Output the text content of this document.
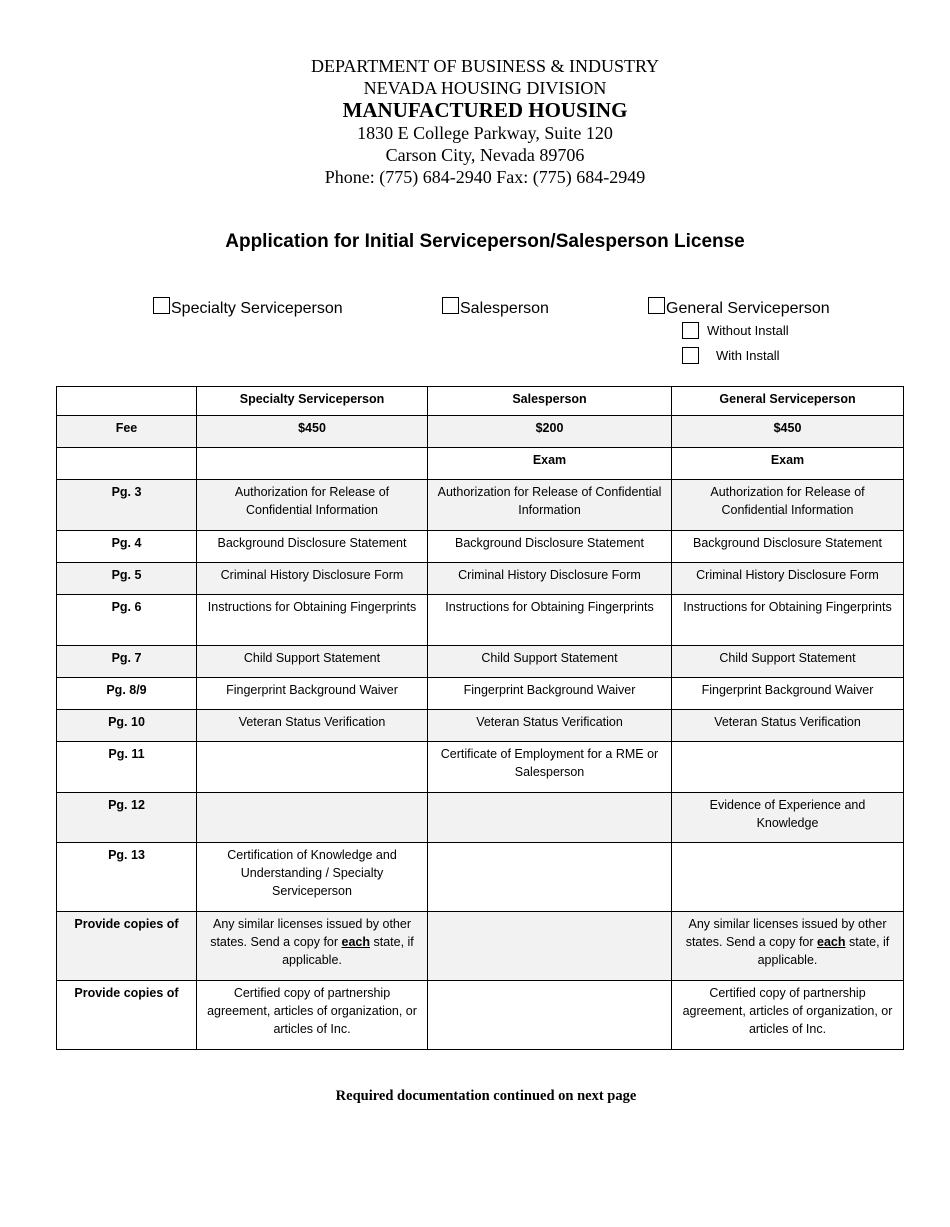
DEPARTMENT OF BUSINESS & INDUSTRY
NEVADA HOUSING DIVISION
MANUFACTURED HOUSING
1830 E College Parkway, Suite 120
Carson City, Nevada 89706
Phone: (775) 684-2940 Fax: (775) 684-2949
Application for Initial Serviceperson/Salesperson License
Specialty Serviceperson	Salesperson	General Serviceperson
Without Install
With Install
	Specialty Serviceperson	Salesperson	General Serviceperson
Fee	$450	$200	$450
		Exam	Exam
Pg. 3	Authorization for Release of Confidential Information	Authorization for Release of Confidential Information	Authorization for Release of Confidential Information
Pg. 4	Background Disclosure Statement	Background Disclosure Statement	Background Disclosure Statement
Pg. 5	Criminal History Disclosure Form	Criminal History Disclosure Form	Criminal History Disclosure Form
Pg. 6	Instructions for Obtaining Fingerprints	Instructions for Obtaining Fingerprints	Instructions for Obtaining Fingerprints
Pg. 7	Child Support Statement	Child Support Statement	Child Support Statement
Pg. 8/9	Fingerprint Background Waiver	Fingerprint Background Waiver	Fingerprint Background Waiver
Pg. 10	Veteran Status Verification	Veteran Status Verification	Veteran Status Verification
Pg. 11		Certificate of Employment for a RME or Salesperson	
Pg. 12			Evidence of Experience and Knowledge
Pg. 13	Certification of Knowledge and Understanding / Specialty Serviceperson		
Provide copies of	Any similar licenses issued by other states. Send a copy for each state, if applicable.		Any similar licenses issued by other states. Send a copy for each state, if applicable.
Provide copies of	Certified copy of partnership agreement, articles of organization, or articles of Inc.		Certified copy of partnership agreement, articles of organization, or articles of Inc.
Required documentation continued on next page
